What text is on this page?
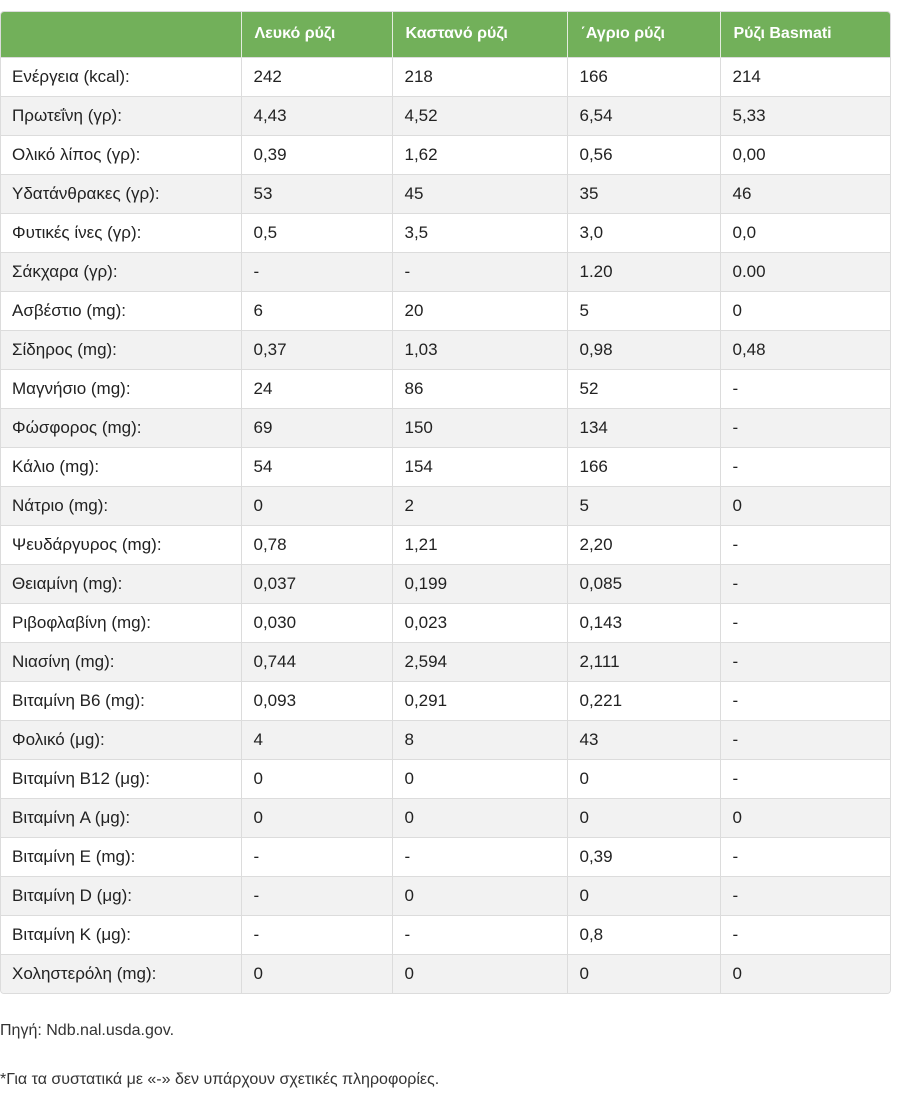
	Λευκό ρύζι	Καστανό ρύζι	΄Αγριο ρύζι	Ρύζι Basmati
Ενέργεια (kcal):	242	218	166	214
Πρωτεΐνη (γρ):	4,43	4,52	6,54	5,33
Ολικό λίπος (γρ):	0,39	1,62	0,56	0,00
Υδατάνθρακες (γρ):	53	45	35	46
Φυτικές ίνες (γρ):	0,5	3,5	3,0	0,0
Σάκχαρα (γρ):	-	-	1.20	0.00
Ασβέστιο (mg):	6	20	5	0
Σίδηρος (mg):	0,37	1,03	0,98	0,48
Μαγνήσιο (mg):	24	86	52	-
Φώσφορος (mg):	69	150	134	-
Κάλιο (mg):	54	154	166	-
Νάτριο (mg):	0	2	5	0
Ψευδάργυρος (mg):	0,78	1,21	2,20	-
Θειαμίνη (mg):	0,037	0,199	0,085	-
Ριβοφλαβίνη (mg):	0,030	0,023	0,143	-
Νιασίνη (mg):	0,744	2,594	2,111	-
Βιταμίνη B6 (mg):	0,093	0,291	0,221	-
Φολικό (μg):	4	8	43	-
Βιταμίνη B12 (μg):	0	0	0	-
Βιταμίνη A (μg):	0	0	0	0
Βιταμίνη E (mg):	-	-	0,39	-
Βιταμίνη D (μg):	-	0	0	-
Βιταμίνη K (μg):	-	-	0,8	-
Χοληστερόλη (mg):	0	0	0	0
Πηγή: Ndb.nal.usda.gov.
*Για τα συστατικά με «-» δεν υπάρχουν σχετικές πληροφορίες.
